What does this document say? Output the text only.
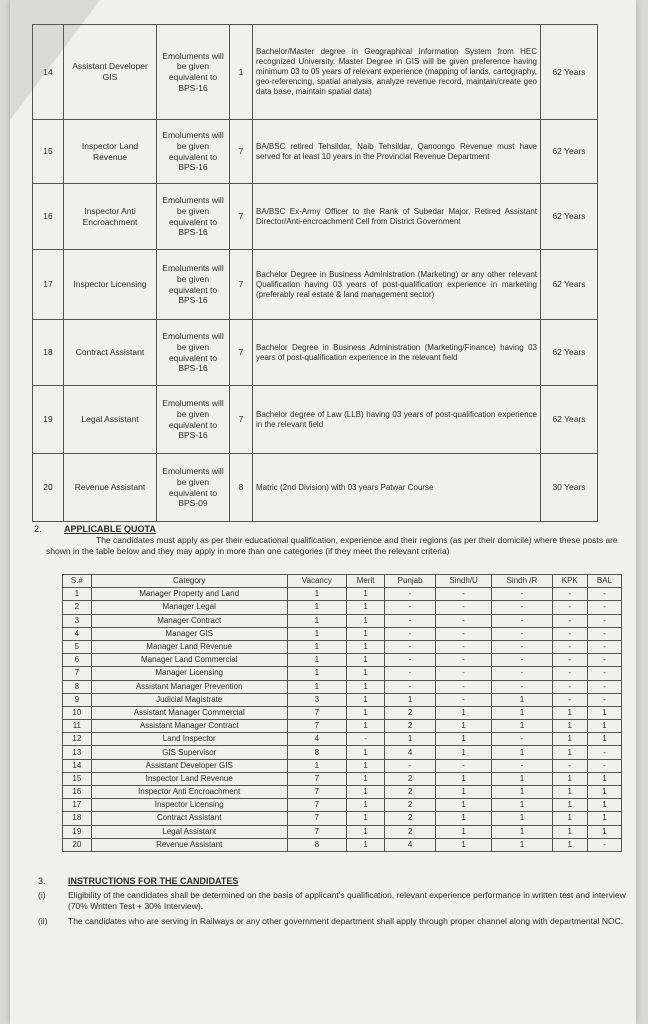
14	Assistant Developer GIS	Emoluments will be given equivalent to BPS-16	1	Bachelor/Master degree in Geographical Information System from HEC recognized University. Master Degree in GIS will be given preference having minimum 03 to 05 years of relevant experience (mapping of lands, cartography, geo-referencing, spatial analysis, analyze revenue record, maintain/create geo data base, maintain spatial data)	62 Years
15	Inspector Land Revenue	Emoluments will be given equivalent to BPS-16	7	BA/BSC retired Tehsildar, Naib Tehsildar, Qanoongo Revenue must have served for at least 10 years in the Provincial Revenue Department	62 Years
16	Inspector Anti Encroachment	Emoluments will be given equivalent to BPS-16	7	BA/BSC Ex-Army Officer to the Rank of Subedar Major, Retired Assistant Director/Anti-encroachment Cell from District Government	62 Years
17	Inspector Licensing	Emoluments will be given equivalent to BPS-16	7	Bachelor Degree in Business Administration (Marketing) or any other relevant Qualification having 03 years of post-qualification experience in marketing (preferably real estate & land management sector)	62 Years
18	Contract Assistant	Emoluments will be given equivalent to BPS-16	7	Bachelor Degree in Business Administration (Marketing/Finance) having 03 years of post-qualification experience in the relevant field	62 Years
19	Legal Assistant	Emoluments will be given equivalent to BPS-16	7	Bachelor degree of Law (LLB) having 03 years of post-qualification experience in the relevant field	62 Years
20	Revenue Assistant	Emoluments will be given equivalent to BPS-09	8	Matric (2nd Division) with 03 years Patwar Course	30 Years
2.	APPLICABLE QUOTA
The candidates must apply as per their educational qualification, experience and their regions (as per their domicile) where these posts are shown in the table below and they may apply in more than one categories (if they meet the relevant criteria)
S.#	Category	Vacancy	Merit	Punjab	Sindh/U	Sindh /R	KPK	BAL
1	Manager Property and Land	1	1	-	-	-	-	-
2	Manager Legal	1	1	-	-	-	-	-
3	Manager Contract	1	1	-	-	-	-	-
4	Manager GIS	1	1	-	-	-	-	-
5	Manager Land Revenue	1	1	-	-	-	-	-
6	Manager Land Commercial	1	1	-	-	-	-	-
7	Manager Licensing	1	1	-	-	-	-	-
8	Assistant Manager Prevention	1	1	-	-	-	-	-
9	Judicial Magistrate	3	1	1	-	1	-	-
10	Assistant Manager Commercial	7	1	2	1	1	1	1
11	Assistant Manager Contract	7	1	2	1	1	1	1
12	Land Inspector	4	-	1	1	-	1	1
13	GIS Supervisor	8	1	4	1	1	1	-
14	Assistant Developer GIS	1	1	-	-	-	-	-
15	Inspector Land Revenue	7	1	2	1	1	1	1
16	Inspector Anti Encroachment	7	1	2	1	1	1	1
17	Inspector Licensing	7	1	2	1	1	1	1
18	Contract Assistant	7	1	2	1	1	1	1
19	Legal Assistant	7	1	2	1	1	1	1
20	Revenue Assistant	8	1	4	1	1	1	-
3.	INSTRUCTIONS FOR THE CANDIDATES
(i)	Eligibility of the candidates shall be determined on the basis of applicant's qualification, relevant experience performance in written test and interview (70% Written Test + 30% Interview).
(ii)	The candidates who are serving in Railways or any other government department shall apply through proper channel along with departmental NOC.
